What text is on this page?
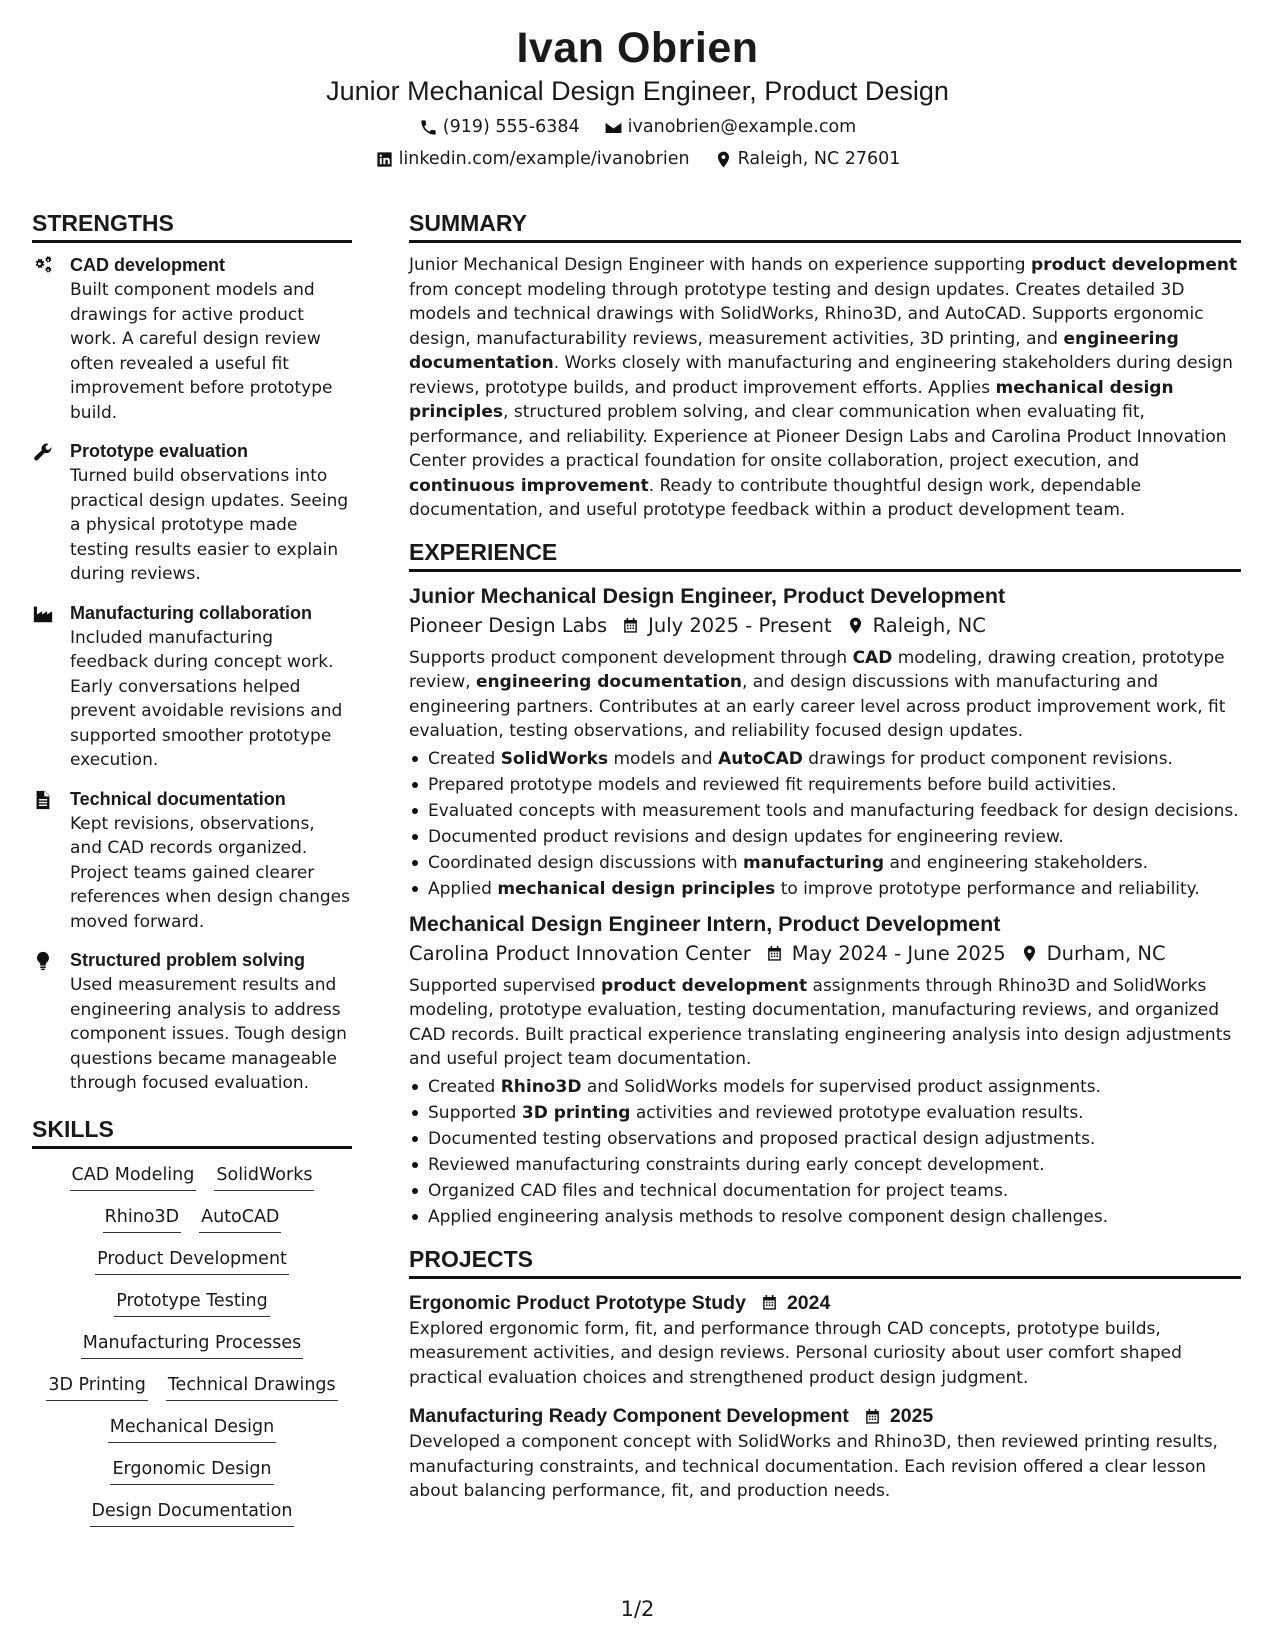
Ivan Obrien
Junior Mechanical Design Engineer, Product Design
(919) 555-6384	ivanobrien@example.com
linkedin.com/example/ivanobrien	Raleigh, NC 27601
STRENGTHS
CAD development
Built component models and drawings for active product work. A careful design review often revealed a useful fit improvement before prototype build.
Prototype evaluation
Turned build observations into practical design updates. Seeing a physical prototype made testing results easier to explain during reviews.
Manufacturing collaboration
Included manufacturing feedback during concept work. Early conversations helped prevent avoidable revisions and supported smoother prototype execution.
Technical documentation
Kept revisions, observations, and CAD records organized. Project teams gained clearer references when design changes moved forward.
Structured problem solving
Used measurement results and engineering analysis to address component issues. Tough design questions became manageable through focused evaluation.
SKILLS
CAD Modeling SolidWorks
Rhino3D AutoCAD
Product Development
Prototype Testing
Manufacturing Processes
3D Printing Technical Drawings
Mechanical Design
Ergonomic Design
Design Documentation
SUMMARY
Junior Mechanical Design Engineer with hands on experience supporting product development from concept modeling through prototype testing and design updates. Creates detailed 3D models and technical drawings with SolidWorks, Rhino3D, and AutoCAD. Supports ergonomic design, manufacturability reviews, measurement activities, 3D printing, and engineering documentation. Works closely with manufacturing and engineering stakeholders during design reviews, prototype builds, and product improvement efforts. Applies mechanical design principles, structured problem solving, and clear communication when evaluating fit, performance, and reliability. Experience at Pioneer Design Labs and Carolina Product Innovation Center provides a practical foundation for onsite collaboration, project execution, and continuous improvement. Ready to contribute thoughtful design work, dependable documentation, and useful prototype feedback within a product development team.
EXPERIENCE
Junior Mechanical Design Engineer, Product Development
Pioneer Design Labs July 2025 - Present Raleigh, NC
Supports product component development through CAD modeling, drawing creation, prototype review, engineering documentation, and design discussions with manufacturing and engineering partners. Contributes at an early career level across product improvement work, fit evaluation, testing observations, and reliability focused design updates.
Created SolidWorks models and AutoCAD drawings for product component revisions.
Prepared prototype models and reviewed fit requirements before build activities.
Evaluated concepts with measurement tools and manufacturing feedback for design decisions.
Documented product revisions and design updates for engineering review.
Coordinated design discussions with manufacturing and engineering stakeholders.
Applied mechanical design principles to improve prototype performance and reliability.
Mechanical Design Engineer Intern, Product Development
Carolina Product Innovation Center May 2024 - June 2025 Durham, NC
Supported supervised product development assignments through Rhino3D and SolidWorks modeling, prototype evaluation, testing documentation, manufacturing reviews, and organized CAD records. Built practical experience translating engineering analysis into design adjustments and useful project team documentation.
Created Rhino3D and SolidWorks models for supervised product assignments.
Supported 3D printing activities and reviewed prototype evaluation results.
Documented testing observations and proposed practical design adjustments.
Reviewed manufacturing constraints during early concept development.
Organized CAD files and technical documentation for project teams.
Applied engineering analysis methods to resolve component design challenges.
PROJECTS
Ergonomic Product Prototype Study 2024
Explored ergonomic form, fit, and performance through CAD concepts, prototype builds, measurement activities, and design reviews. Personal curiosity about user comfort shaped practical evaluation choices and strengthened product design judgment.
Manufacturing Ready Component Development 2025
Developed a component concept with SolidWorks and Rhino3D, then reviewed printing results, manufacturing constraints, and technical documentation. Each revision offered a clear lesson about balancing performance, fit, and production needs.
1/2
